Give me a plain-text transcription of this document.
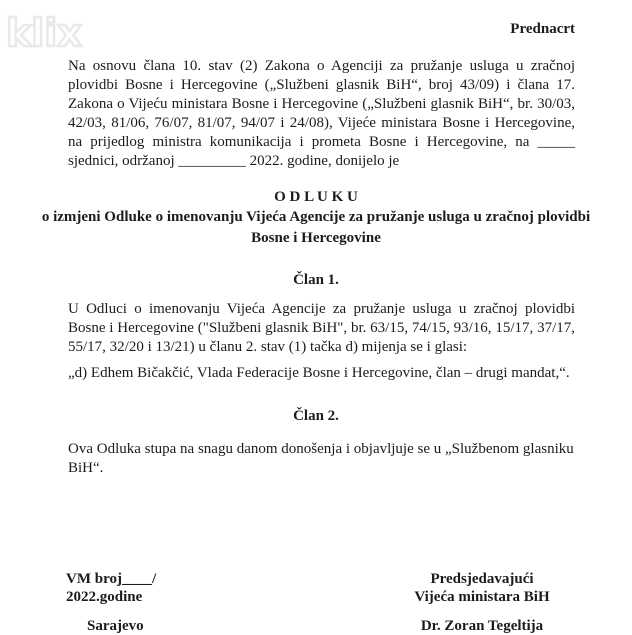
klix	Prednacrt

Na osnovu člana 10. stav (2) Zakona o Agenciji za pružanje usluga u zračnoj plovidbi Bosne i Hercegovine („Službeni glasnik BiH“, broj 43/09) i člana 17. Zakona o Vijeću ministara Bosne i Hercegovine („Službeni glasnik BiH“, br. 30/03, 42/03, 81/06, 76/07, 81/07, 94/07 i 24/08), Vijeće ministara Bosne i Hercegovine, na prijedlog ministra komunikacija i prometa Bosne i Hercegovine, na _____ sjednici, održanoj _________ 2022. godine, donijelo je

O D L U K U
o izmjeni Odluke o imenovanju Vijeća Agencije za pružanje usluga u zračnoj plovidbi
Bosne i Hercegovine
Član 1.

U Odluci o imenovanju Vijeća Agencije za pružanje usluga u zračnoj plovidbi Bosne i Hercegovine ("Službeni glasnik BiH", br. 63/15, 74/15, 93/16, 15/17, 37/17, 55/17, 32/20 i 13/21) u članu 2. stav (1) tačka d) mijenja se i glasi:

„d) Edhem Bičakčić, Vlada Federacije Bosne i Hercegovine, član – drugi mandat,“.

Član 2.

Ova Odluka stupa na snagu danom donošenja i objavljuje se u „Službenom glasniku BiH“.

VM broj____/
2022.godine
Sarajevo
Predsjedavajući
Vijeća ministara BiH
Dr. Zoran Tegeltija
